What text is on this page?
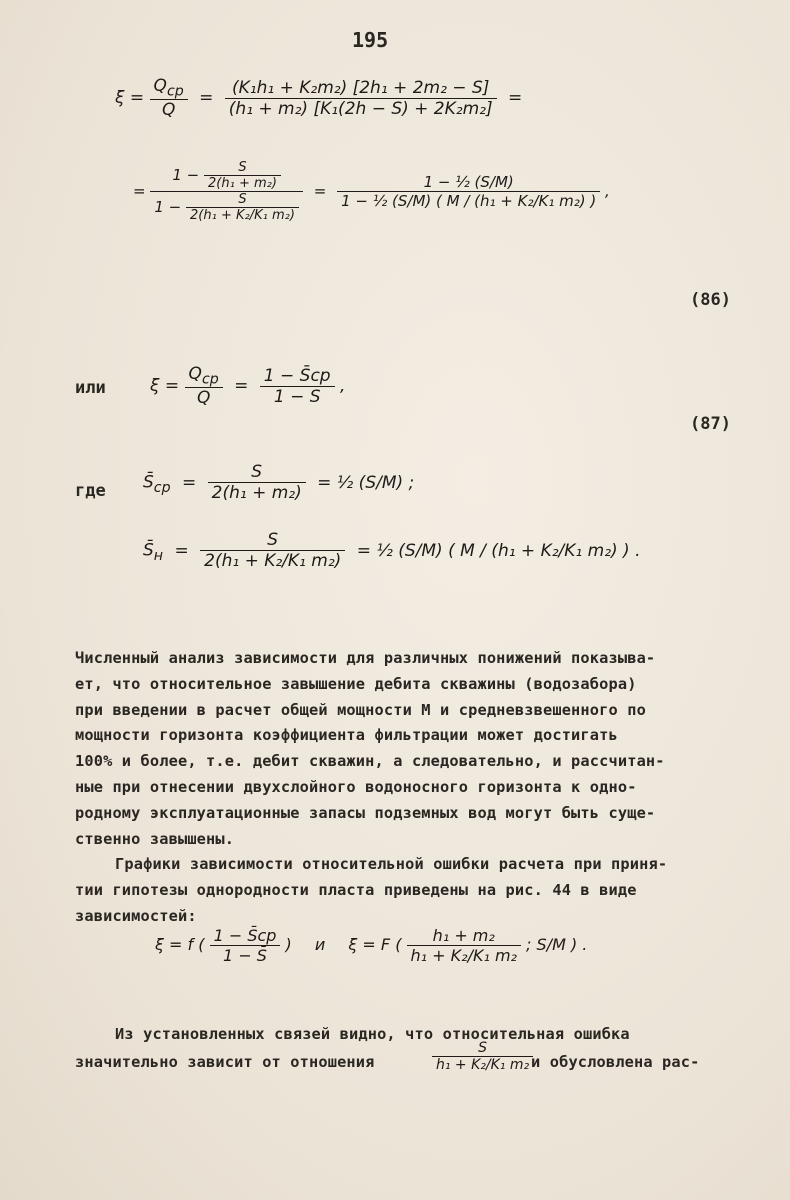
195
$\xi = \frac{Q_{cp}}{Q} = \frac{\text{(K₁h₁ + K₂m₂) [2h₁ + 2m₂ − S]}}{\text{(h₁ + m₂) [K₁(2h − S) + 2K₂m₂]}}$ =
= $\frac{1 - \frac{S}{\text{2(h₁ + m₂)}}}{1 - \frac{S}{\text{2(h₁ + K₂/K₁ m₂)}}} = \frac{\text{1 − ½ (S/M)}}{\text{1 − ½ (S/M) ( M / (h₁ + K₂/K₁ m₂) )}}$ ,
(86)
или	$\xi = \frac{Q_{cp}}{Q} = \frac{1 - S̄cp}{1 - S}$ ,
(87)
где $S̄_{cp} = \frac{S}{\text{2(h₁ + m₂)}}$ = ½ (S/M) ;
$S̄_н = \frac{S}{\text{2(h₁ + K₂/K₁ m₂)}}$ = ½ (S/M) ( M / (h₁ + K₂/K₁ m₂) ) .
Численный анализ зависимости для различных понижений показыва-
ет, что относительное завышение дебита скважины (водозабора)
при введении в расчет общей мощности М и средневзвешенного по
мощности горизонта коэффициента фильтрации может достигать
100% и более, т.е. дебит скважин, а следовательно, и рассчитан-
ные при отнесении двухслойного водоносного горизонта к одно-
родному эксплуатационные запасы подземных вод могут быть суще-
ственно завышены.
Графики зависимости относительной ошибки расчета при приня-
тии гипотезы однородности пласта приведены на рис. 44 в виде
зависимостей:
ξ = f ( $\frac{1 - S̄cp}{1 - S̄}$ ) и ξ = F ( $\frac{\text{h₁ + m₂}}{\text{h₁ + K₂/K₁ m₂}}$ ; S/M ) .
Из установленных связей видно, что относительная ошибка
значительно зависит от отношения	$\frac{S}{\text{h₁ + K₂/K₁ m₂}}$
и обусловлена рас-
